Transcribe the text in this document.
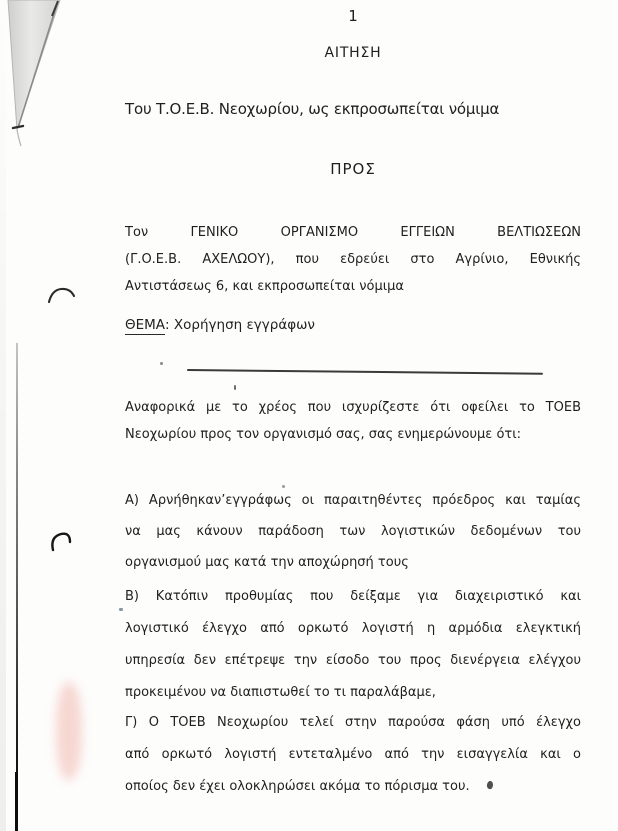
1
ΑΙΤΗΣΗ
Του Τ.Ο.Ε.Β. Νεοχωρίου, ως εκπροσωπείται νόμιμα
ΠΡΟΣ
Τον ΓΕΝΙΚΟ ΟΡΓΑΝΙΣΜΟ ΕΓΓΕΙΩΝ ΒΕΛΤΙΩΣΕΩΝ
(Γ.Ο.Ε.Β. ΑΧΕΛΩΟΥ), που εδρεύει στο Αγρίνιο, Εθνικής
Αντιστάσεως 6, και εκπροσωπείται νόμιμα
ΘΕΜΑ: Χορήγηση εγγράφων
Αναφορικά με το χρέος που ισχυρίζεστε ότι οφείλει το ΤΟΕΒ
Νεοχωρίου προς τον οργανισμό σας, σας ενημερώνουμε ότι:
Α) Αρνήθηκαν’εγγράφως οι παραιτηθέντες πρόεδρος και ταμίας
να μας κάνουν παράδοση των λογιστικών δεδομένων του
οργανισμού μας κατά την αποχώρησή τους
Β) Κατόπιν προθυμίας που δείξαμε για διαχειριστικό και
λογιστικό έλεγχο από ορκωτό λογιστή η αρμόδια ελεγκτική
υπηρεσία δεν επέτρεψε την είσοδο του προς διενέργεια ελέγχου
προκειμένου να διαπιστωθεί το τι παραλάβαμε,
Γ) Ο ΤΟΕΒ Νεοχωρίου τελεί στην παρούσα φάση υπό έλεγχο
από ορκωτό λογιστή εντεταλμένο από την εισαγγελία και ο
οποίος δεν έχει ολοκληρώσει ακόμα το πόρισμα του.
